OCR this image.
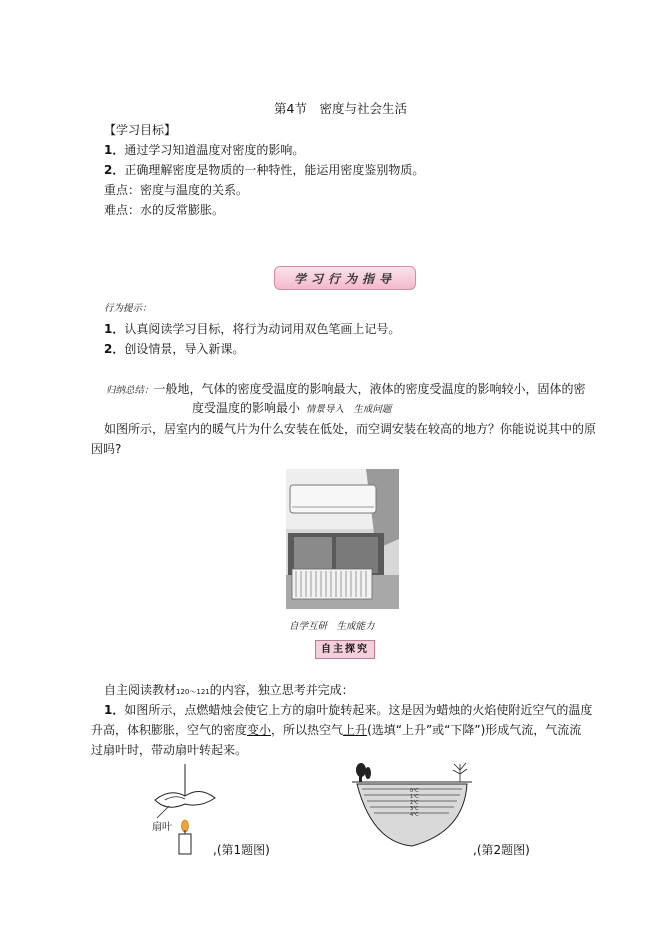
第4节　密度与社会生活
【学习目标】
1．通过学习知道温度对密度的影响。
2．正确理解密度是物质的一种特性，能运用密度鉴别物质。
重点：密度与温度的关系。
难点：水的反常膨胀。
学习行为指导
行为提示：
1．认真阅读学习目标，将行为动词用双色笔画上记号。
2．创设情景，导入新课。
归纳总结：一般地，气体的密度受温度的影响最大，液体的密度受温度的影响较小，固体的密
度受温度的影响最小 情景导入　生成问题
如图所示，居室内的暖气片为什么安装在低处，而空调安装在较高的地方？你能说说其中的原
因吗?
自学互研　生成能力
自主探究
自主阅读教材120～121的内容，独立思考并完成：
1．如图所示，点燃蜡烛会使它上方的扇叶旋转起来。这是因为蜡烛的火焰使附近空气的温度
升高，体积膨胀，空气的密度变小，所以热空气上升(选填“上升”或“下降”)形成气流，气流流
过扇叶时，带动扇叶转起来。
扇叶
,(第1题图)
0℃
1℃
2℃
3℃
4℃
,(第2题图)
